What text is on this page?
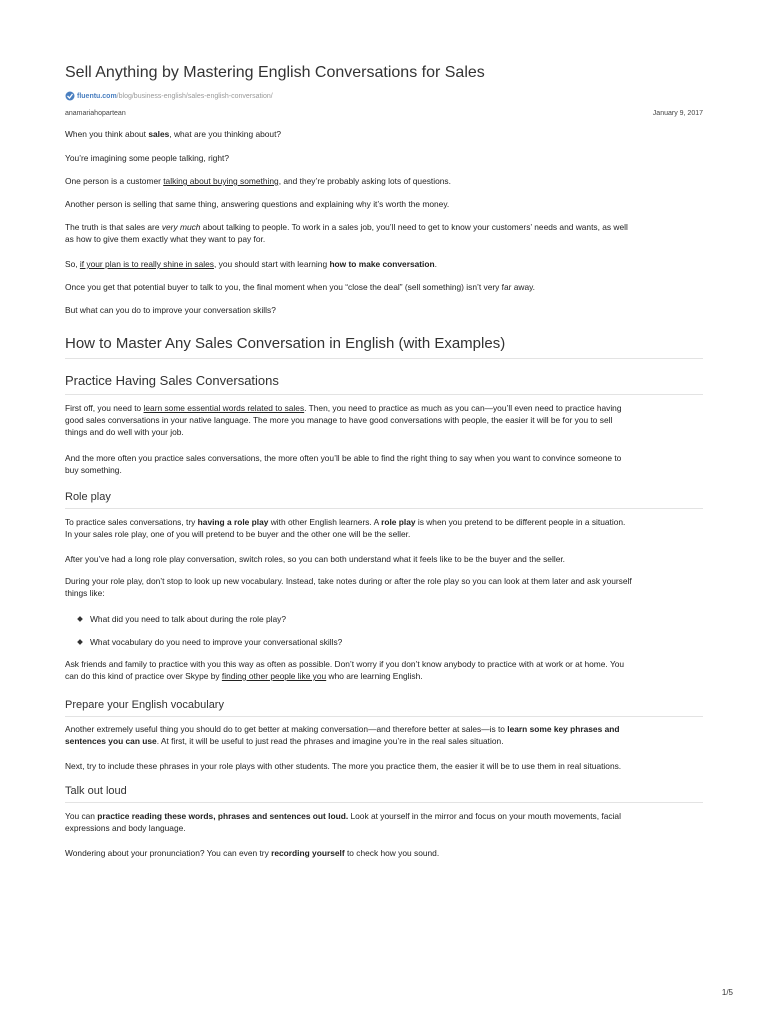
Sell Anything by Mastering English Conversations for Sales
fluentu.com /blog/business-english/sales-english-conversation/
anamariahopartean	January 9, 2017

When you think about sales, what are you thinking about?

You’re imagining some people talking, right?

One person is a customer talking about buying something, and they’re probably asking lots of questions.

Another person is selling that same thing, answering questions and explaining why it’s worth the money.

The truth is that sales are very much about talking to people. To work in a sales job, you’ll need to get to know your customers’ needs and wants, as well

as how to give them exactly what they want to pay for.

So, if your plan is to really shine in sales, you should start with learning how to make conversation.

Once you get that potential buyer to talk to you, the final moment when you “close the deal” (sell something) isn’t very far away.

But what can you do to improve your conversation skills?

How to Master Any Sales Conversation in English (with Examples)
Practice Having Sales Conversations

First off, you need to learn some essential words related to sales. Then, you need to practice as much as you can—you’ll even need to practice having

good sales conversations in your native language. The more you manage to have good conversations with people, the easier it will be for you to sell

things and do well with your job.

And the more often you practice sales conversations, the more often you’ll be able to find the right thing to say when you want to convince someone to

buy something.

Role play

To practice sales conversations, try having a role play with other English learners. A role play is when you pretend to be different people in a situation.

In your sales role play, one of you will pretend to be buyer and the other one will be the seller.

After you’ve had a long role play conversation, switch roles, so you can both understand what it feels like to be the buyer and the seller.

During your role play, don’t stop to look up new vocabulary. Instead, take notes during or after the role play so you can look at them later and ask yourself

things like:

What did you need to talk about during the role play?
What vocabulary do you need to improve your conversational skills?

Ask friends and family to practice with you this way as often as possible. Don’t worry if you don’t know anybody to practice with at work or at home. You

can do this kind of practice over Skype by finding other people like you who are learning English.

Prepare your English vocabulary

Another extremely useful thing you should do to get better at making conversation—and therefore better at sales—is to learn some key phrases and

sentences you can use. At first, it will be useful to just read the phrases and imagine you’re in the real sales situation.

Next, try to include these phrases in your role plays with other students. The more you practice them, the easier it will be to use them in real situations.

Talk out loud

You can practice reading these words, phrases and sentences out loud. Look at yourself in the mirror and focus on your mouth movements, facial

expressions and body language.

Wondering about your pronunciation? You can even try recording yourself to check how you sound.

1/5
